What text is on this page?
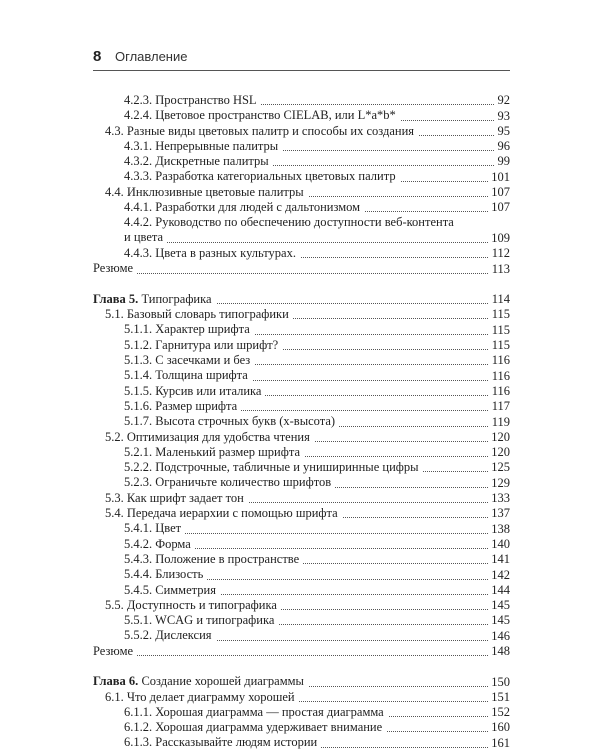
8 Оглавление
4.2.3. Пространство HSL	92
4.2.4. Цветовое пространство CIELAB, или L*a*b*	93
4.3. Разные виды цветовых палитр и способы их создания	95
4.3.1. Непрерывные палитры	96
4.3.2. Дискретные палитры	99
4.3.3. Разработка категориальных цветовых палитр	101
4.4. Инклюзивные цветовые палитры	107
4.4.1. Разработки для людей с дальтонизмом	107
4.4.2. Руководство по обеспечению доступности веб-контента
и цвета	109
4.4.3. Цвета в разных культурах.	112
Резюме	113
Глава 5. Типографика	114
5.1. Базовый словарь типографики	115
5.1.1. Характер шрифта	115
5.1.2. Гарнитура или шрифт?	115
5.1.3. С засечками и без	116
5.1.4. Толщина шрифта	116
5.1.5. Курсив или италика	116
5.1.6. Размер шрифта	117
5.1.7. Высота строчных букв (x-высота)	119
5.2. Оптимизация для удобства чтения	120
5.2.1. Маленький размер шрифта	120
5.2.2. Подстрочные, табличные и униширинные цифры	125
5.2.3. Ограничьте количество шрифтов	129
5.3. Как шрифт задает тон	133
5.4. Передача иерархии с помощью шрифта	137
5.4.1. Цвет	138
5.4.2. Форма	140
5.4.3. Положение в пространстве	141
5.4.4. Близость	142
5.4.5. Симметрия	144
5.5. Доступность и типографика	145
5.5.1. WCAG и типографика	145
5.5.2. Дислексия	146
Резюме	148
Глава 6. Создание хорошей диаграммы	150
6.1. Что делает диаграмму хорошей	151
6.1.1. Хорошая диаграмма — простая диаграмма	152
6.1.2. Хорошая диаграмма удерживает внимание	160
6.1.3. Рассказывайте людям истории	161
